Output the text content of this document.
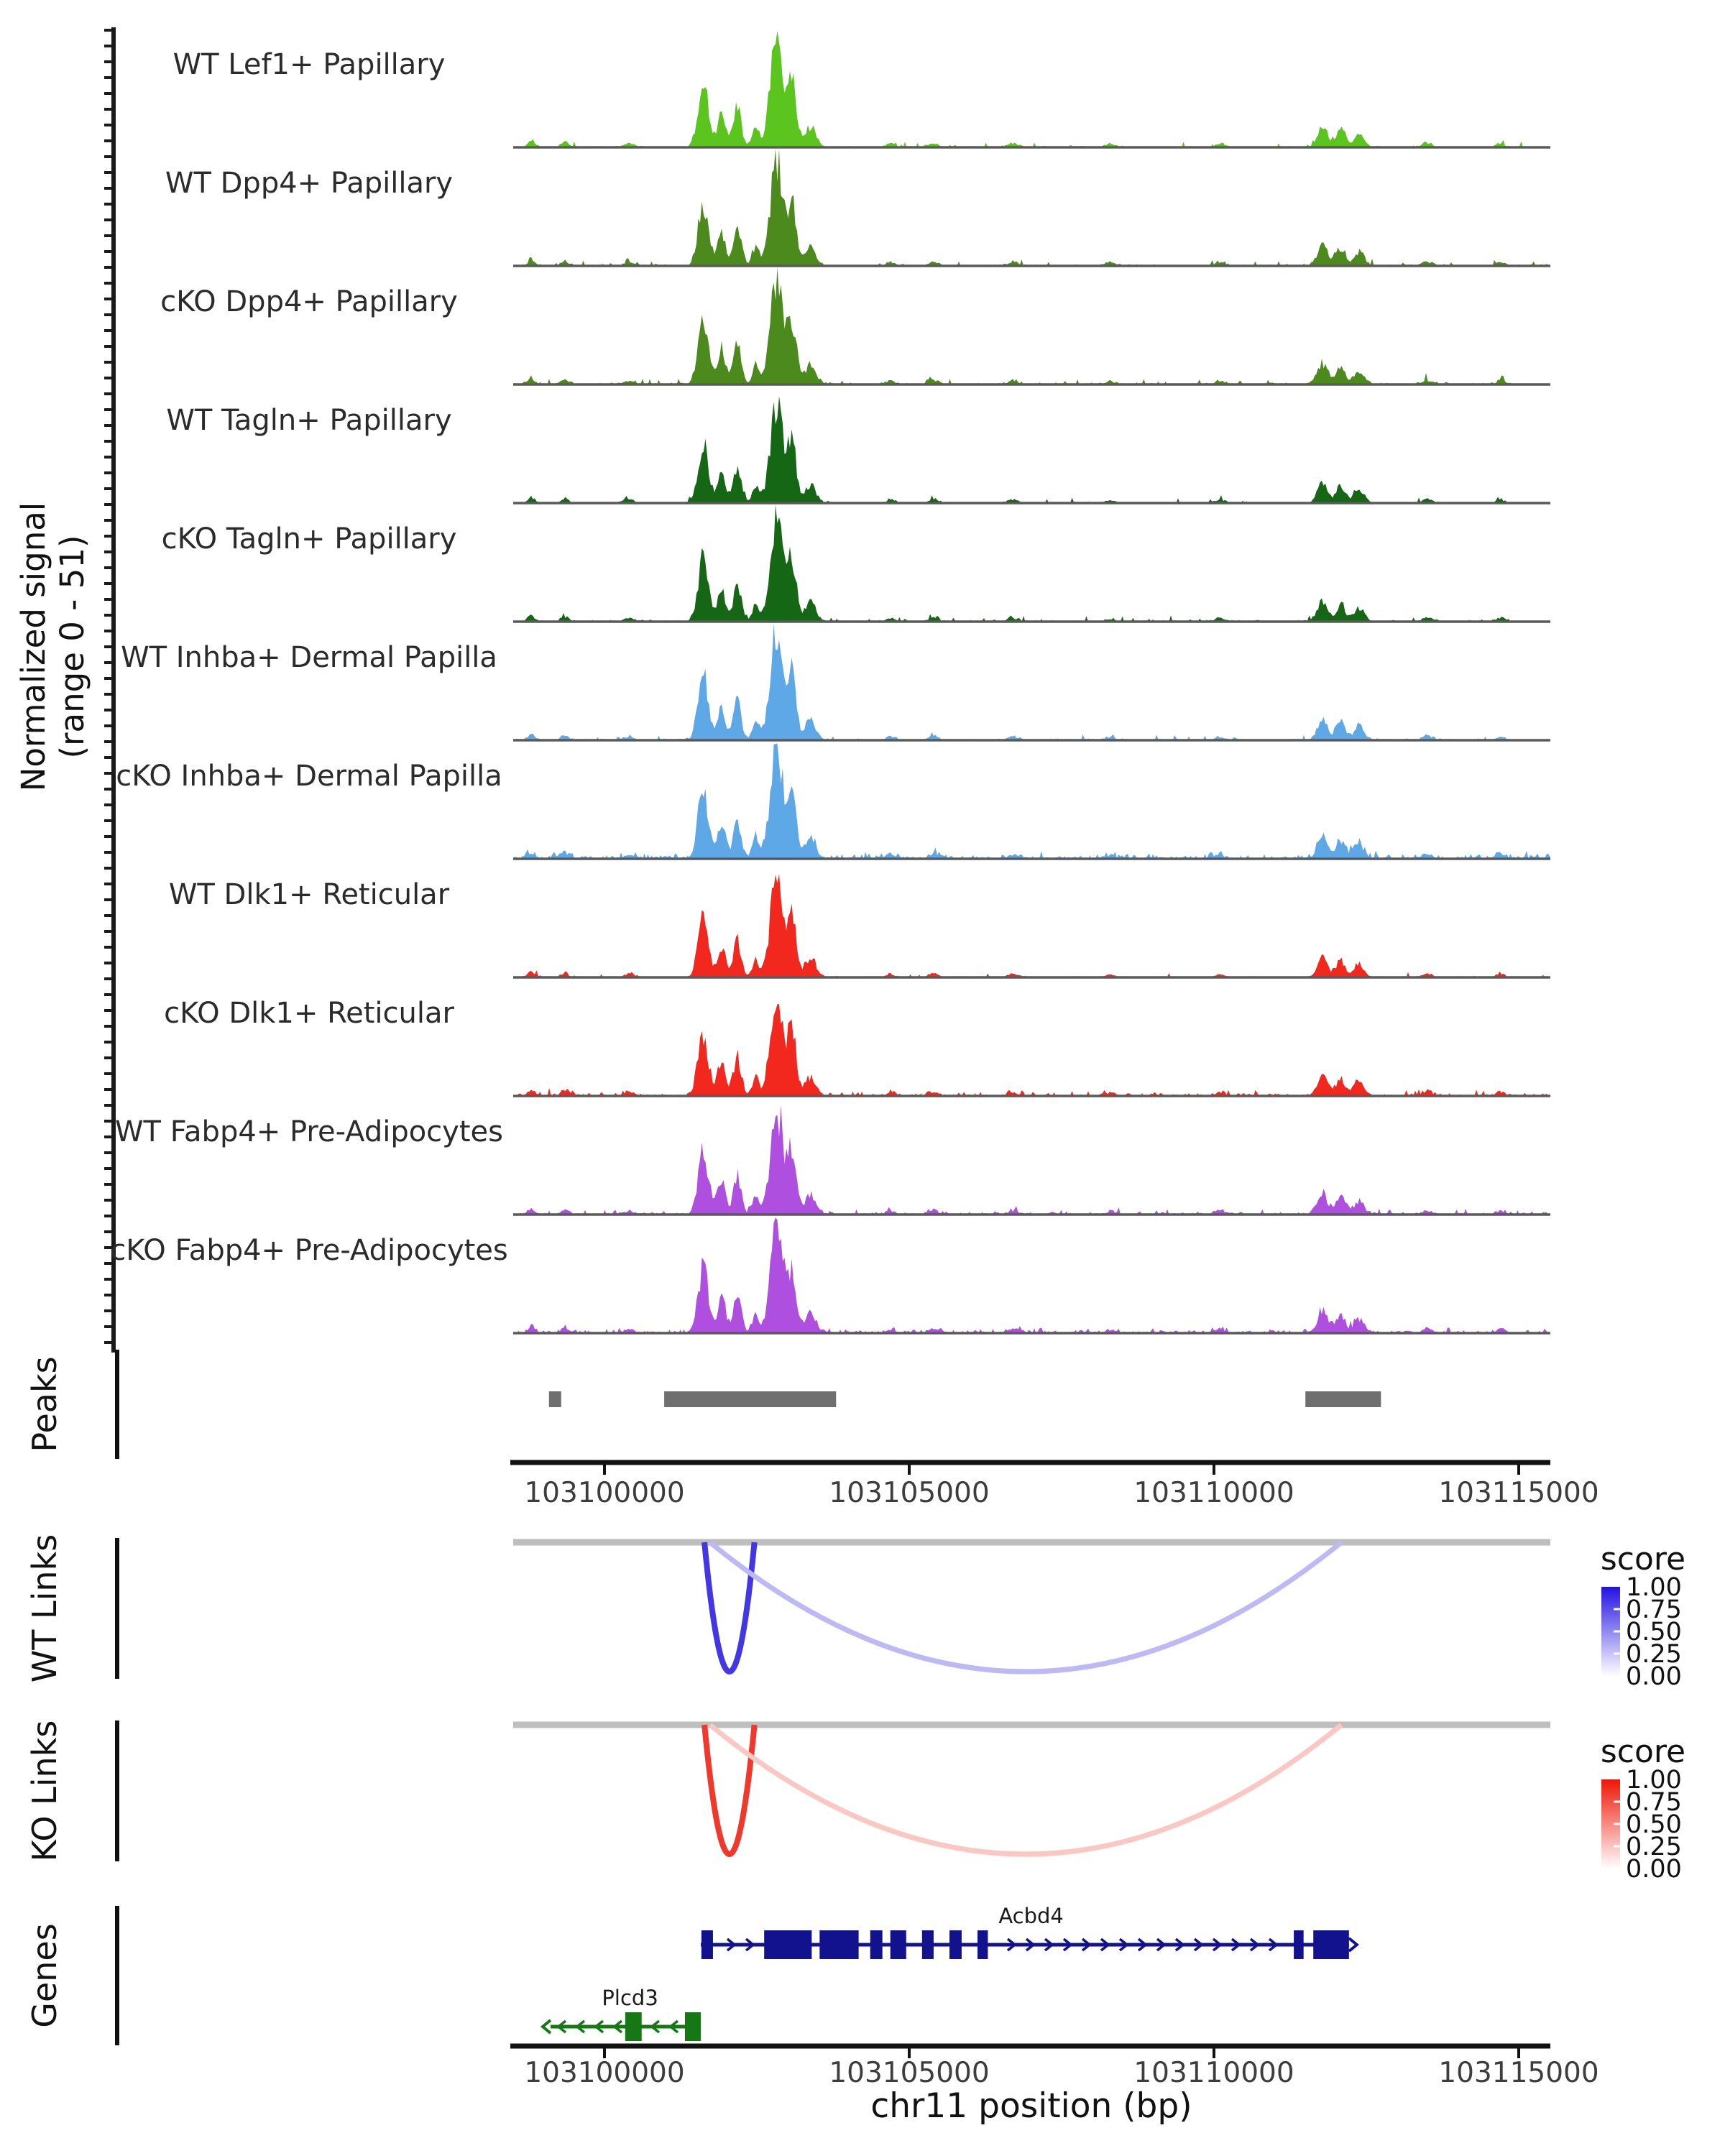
Normalized signal (range 0 - 51)
WT Lef1+ Papillary
WT Dpp4+ Papillary
cKO Dpp4+ Papillary
WT Tagln+ Papillary
cKO Tagln+ Papillary
WT Inhba+ Dermal Papilla
cKO Inhba+ Dermal Papilla
WT Dlk1+ Reticular
cKO Dlk1+ Reticular
WT Fabp4+ Pre-Adipocytes
cKO Fabp4+ Pre-Adipocytes
103100000	103105000	103110000	103115000
score
1.00
0.75
0.50
0.25
0.00
score
1.00
0.75
0.50
0.25
0.00
Acbd4
Plcd3
103100000	103105000	103110000	103115000
Peaks
WT Links
KO Links
Genes
chr11 position (bp)
